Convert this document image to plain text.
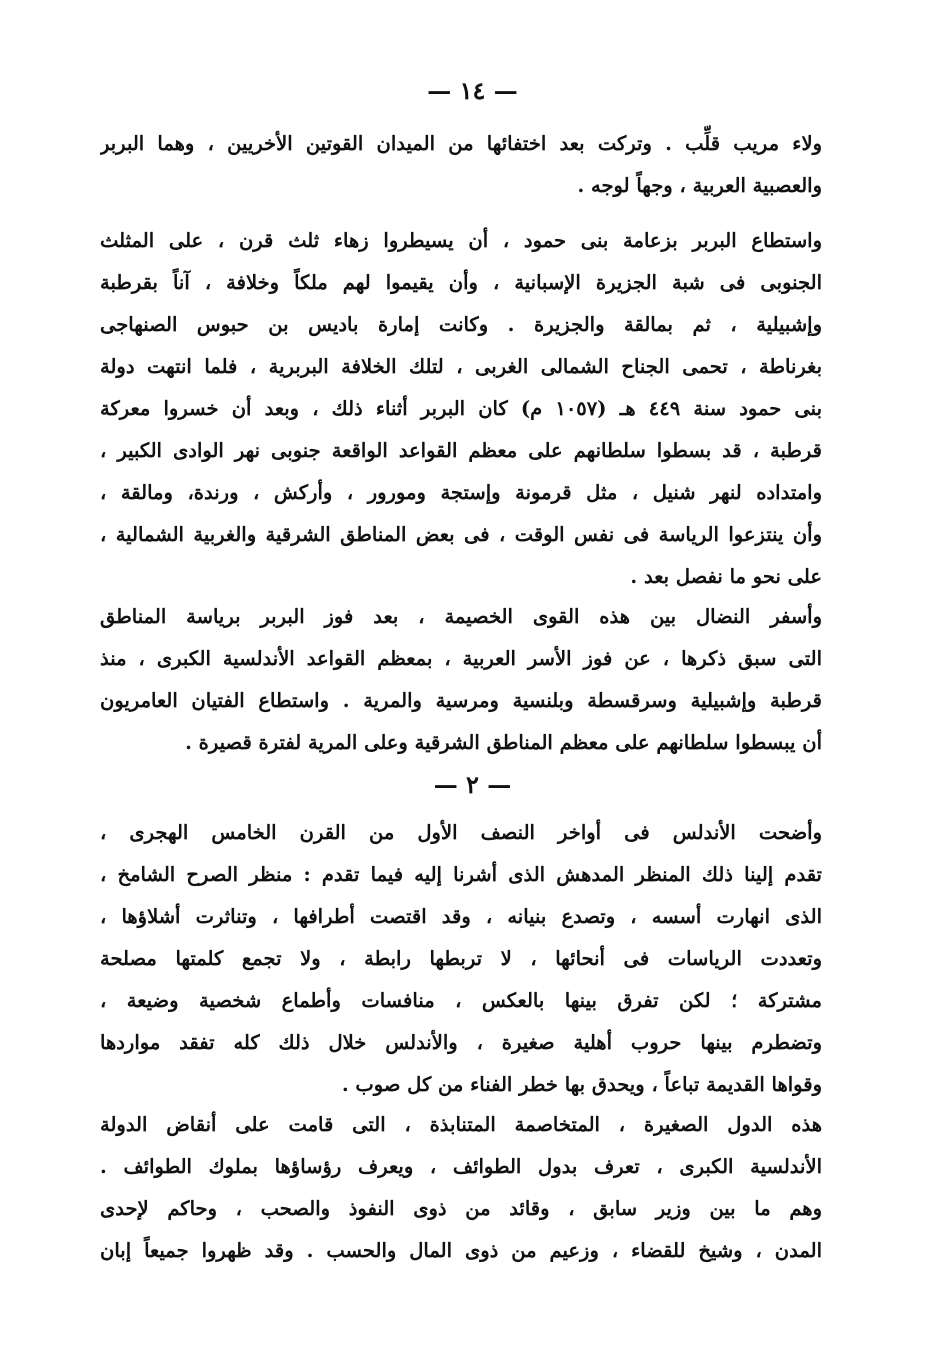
— ١٤ —
ولاء مريب قلِّب . وتركت بعد اختفائها من الميدان القوتين الأخريين ، وهما البربر
والعصبية العربية ، وجهاً لوجه .
واستطاع البربر بزعامة بنى حمود ، أن يسيطروا زهاء ثلث قرن ، على المثلث
الجنوبى فى شبة الجزيرة الإسبانية ، وأن يقيموا لهم ملكاً وخلافة ، آناً بقرطبة
وإشبيلية ، ثم بمالقة والجزيرة . وكانت إمارة باديس بن حبوس الصنهاجى
بغرناطة ، تحمى الجناح الشمالى الغربى ، لتلك الخلافة البربرية ، فلما انتهت دولة
بنى حمود سنة ٤٤٩ هـ (١٠٥٧ م) كان البربر أثناء ذلك ، وبعد أن خسروا معركة
قرطبة ، قد بسطوا سلطانهم على معظم القواعد الواقعة جنوبى نهر الوادى الكبير ،
وامتداده لنهر شنيل ، مثل قرمونة وإستجة ومورور ، وأركش ، ورندة، ومالقة ،
وأن ينتزعوا الرياسة فى نفس الوقت ، فى بعض المناطق الشرقية والغربية الشمالية ،
على نحو ما نفصل بعد .
وأسفر النضال بين هذه القوى الخصيمة ، بعد فوز البربر برياسة المناطق
التى سبق ذكرها ، عن فوز الأسر العربية ، بمعظم القواعد الأندلسية الكبرى ، منذ
قرطبة وإشبيلية وسرقسطة وبلنسية ومرسية والمرية . واستطاع الفتيان العامريون
أن يبسطوا سلطانهم على معظم المناطق الشرقية وعلى المرية لفترة قصيرة .
— ٢ —
وأضحت الأندلس فى أواخر النصف الأول من القرن الخامس الهجرى ،
تقدم إلينا ذلك المنظر المدهش الذى أشرنا إليه فيما تقدم : منظر الصرح الشامخ ،
الذى انهارت أسسه ، وتصدع بنيانه ، وقد اقتصت أطرافها ، وتناثرت أشلاؤها ،
وتعددت الرياسات فى أنحائها ، لا تربطها رابطة ، ولا تجمع كلمتها مصلحة
مشتركة ؛ لكن تفرق بينها بالعكس ، منافسات وأطماع شخصية وضيعة ،
وتضطرم بينها حروب أهلية صغيرة ، والأندلس خلال ذلك كله تفقد مواردها
وقواها القديمة تباعاً ، ويحدق بها خطر الفناء من كل صوب .
هذه الدول الصغيرة ، المتخاصمة المتنابذة ، التى قامت على أنقاض الدولة
الأندلسية الكبرى ، تعرف بدول الطوائف ، ويعرف رؤساؤها بملوك الطوائف .
وهم ما بين وزير سابق ، وقائد من ذوى النفوذ والصحب ، وحاكم لإحدى
المدن ، وشيخ للقضاء ، وزعيم من ذوى المال والحسب . وقد ظهروا جميعاً إبان
